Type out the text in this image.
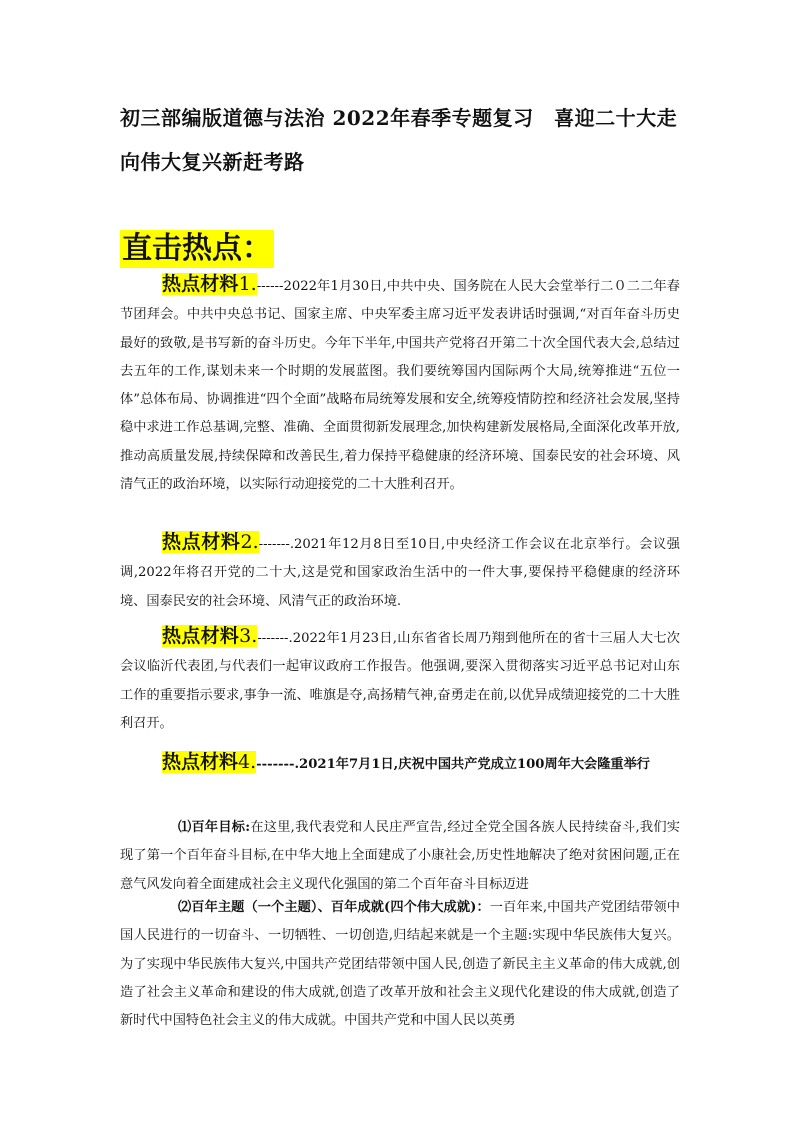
初三部编版道德与法治 2022年春季专题复习　喜迎二十大走向伟大复兴新赶考路
直击热点：

热点材料1.------2022年1月30日,中共中央、国务院在人民大会堂举行二０二二年春节团拜会。中共中央总书记、国家主席、中央军委主席习近平发表讲话时强调,“对百年奋斗历史最好的致敬,是书写新的奋斗历史。今年下半年,中国共产党将召开第二十次全国代表大会,总结过去五年的工作,谋划未来一个时期的发展蓝图。我们要统筹国内国际两个大局,统筹推进“五位一体”总体布局、协调推进“四个全面”战略布局统筹发展和安全,统筹疫情防控和经济社会发展,坚持稳中求进工作总基调,完整、准确、全面贯彻新发展理念,加快构建新发展格局,全面深化改革开放,推动高质量发展,持续保障和改善民生,着力保持平稳健康的经济环境、国泰民安的社会环境、风清气正的政治环境，以实际行动迎接党的二十大胜利召开。

热点材料2.-------.2021年12月8日至10日,中央经济工作会议在北京举行。会议强调,2022年将召开党的二十大,这是党和国家政治生活中的一件大事,要保持平稳健康的经济环境、国泰民安的社会环境、风清气正的政治环境.

热点材料3.-------.2022年1月23日,山东省省长周乃翔到他所在的省十三届人大七次会议临沂代表团,与代表们一起审议政府工作报告。他强调,要深入贯彻落实习近平总书记对山东工作的重要指示要求,事争一流、唯旗是夺,高扬精气神,奋勇走在前,以优异成绩迎接党的二十大胜利召开。

热点材料4.-------.2021年7月1日,庆祝中国共产党成立100周年大会隆重举行

⑴百年目标:在这里,我代表党和人民庄严宣告,经过全党全国各族人民持续奋斗,我们实现了第一个百年奋斗目标,在中华大地上全面建成了小康社会,历史性地解决了绝对贫困问题,正在意气风发向着全面建成社会主义现代化强国的第二个百年奋斗目标迈进

⑵百年主题（一个主题）、百年成就(四个伟大成就)：一百年来,中国共产党团结带领中国人民进行的一切奋斗、一切牺牲、一切创造,归结起来就是一个主题:实现中华民族伟大复兴。为了实现中华民族伟大复兴,中国共产党团结带领中国人民,创造了新民主主义革命的伟大成就,创造了社会主义革命和建设的伟大成就,创造了改革开放和社会主义现代化建设的伟大成就,创造了新时代中国特色社会主义的伟大成就。中国共产党和中国人民以英勇
